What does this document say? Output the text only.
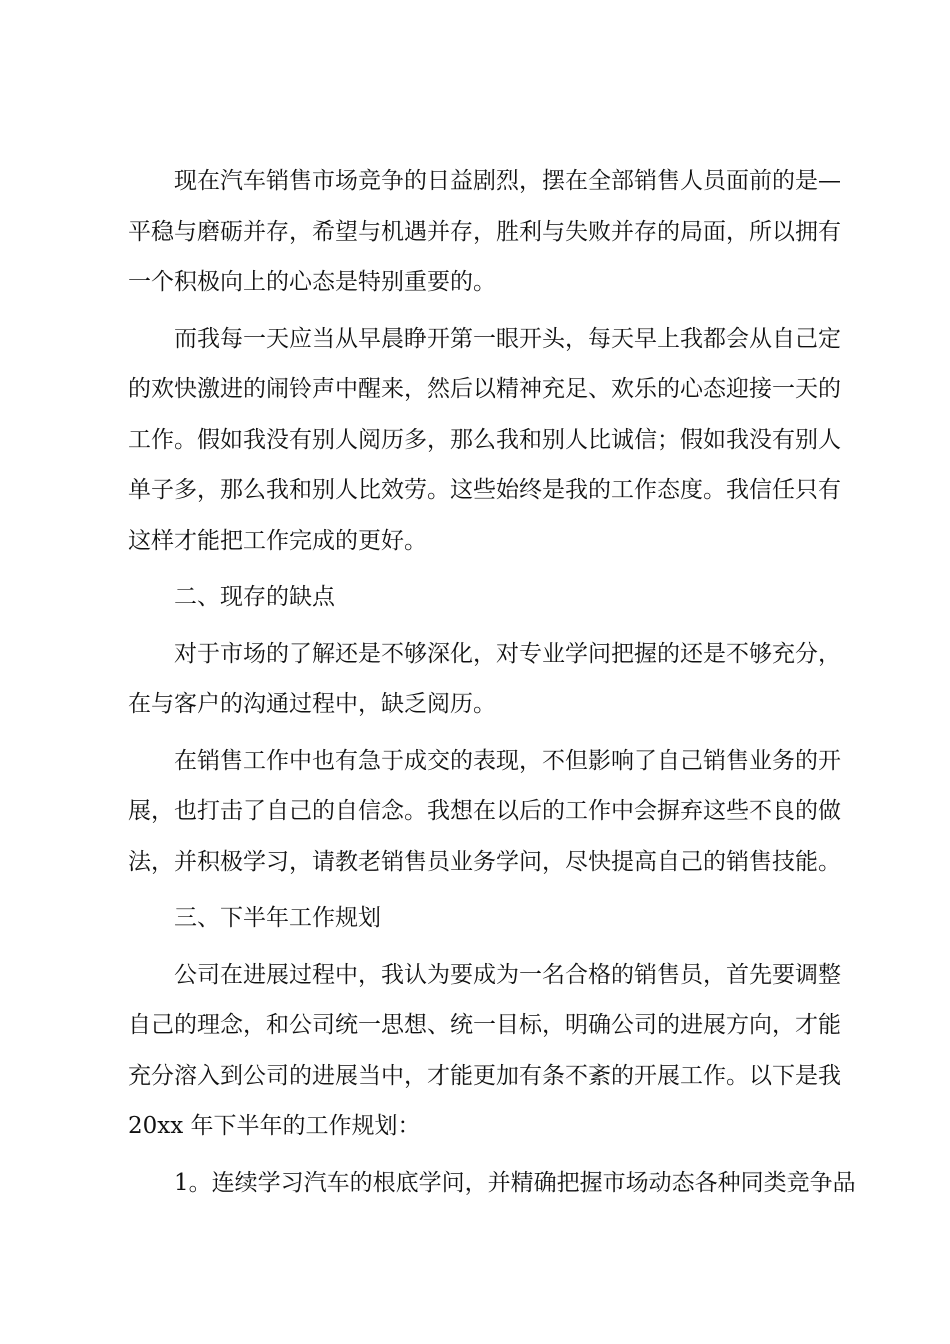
现在汽车销售市场竞争的日益剧烈，摆在全部销售人员面前的是—
平稳与磨砺并存，希望与机遇并存，胜利与失败并存的局面，所以拥有
一个积极向上的心态是特别重要的。
而我每一天应当从早晨睁开第一眼开头，每天早上我都会从自己定
的欢快激进的闹铃声中醒来，然后以精神充足、欢乐的心态迎接一天的
工作。假如我没有别人阅历多，那么我和别人比诚信；假如我没有别人
单子多，那么我和别人比效劳。这些始终是我的工作态度。我信任只有
这样才能把工作完成的更好。
二、现存的缺点
对于市场的了解还是不够深化，对专业学问把握的还是不够充分，
在与客户的沟通过程中，缺乏阅历。
在销售工作中也有急于成交的表现，不但影响了自己销售业务的开
展，也打击了自己的自信念。我想在以后的工作中会摒弃这些不良的做
法，并积极学习，请教老销售员业务学问，尽快提高自己的销售技能。
三、下半年工作规划
公司在进展过程中，我认为要成为一名合格的销售员，首先要调整
自己的理念，和公司统一思想、统一目标，明确公司的进展方向，才能
充分溶入到公司的进展当中，才能更加有条不紊的开展工作。以下是我
20xx 年下半年的工作规划：
1。连续学习汽车的根底学问，并精确把握市场动态各种同类竞争品
